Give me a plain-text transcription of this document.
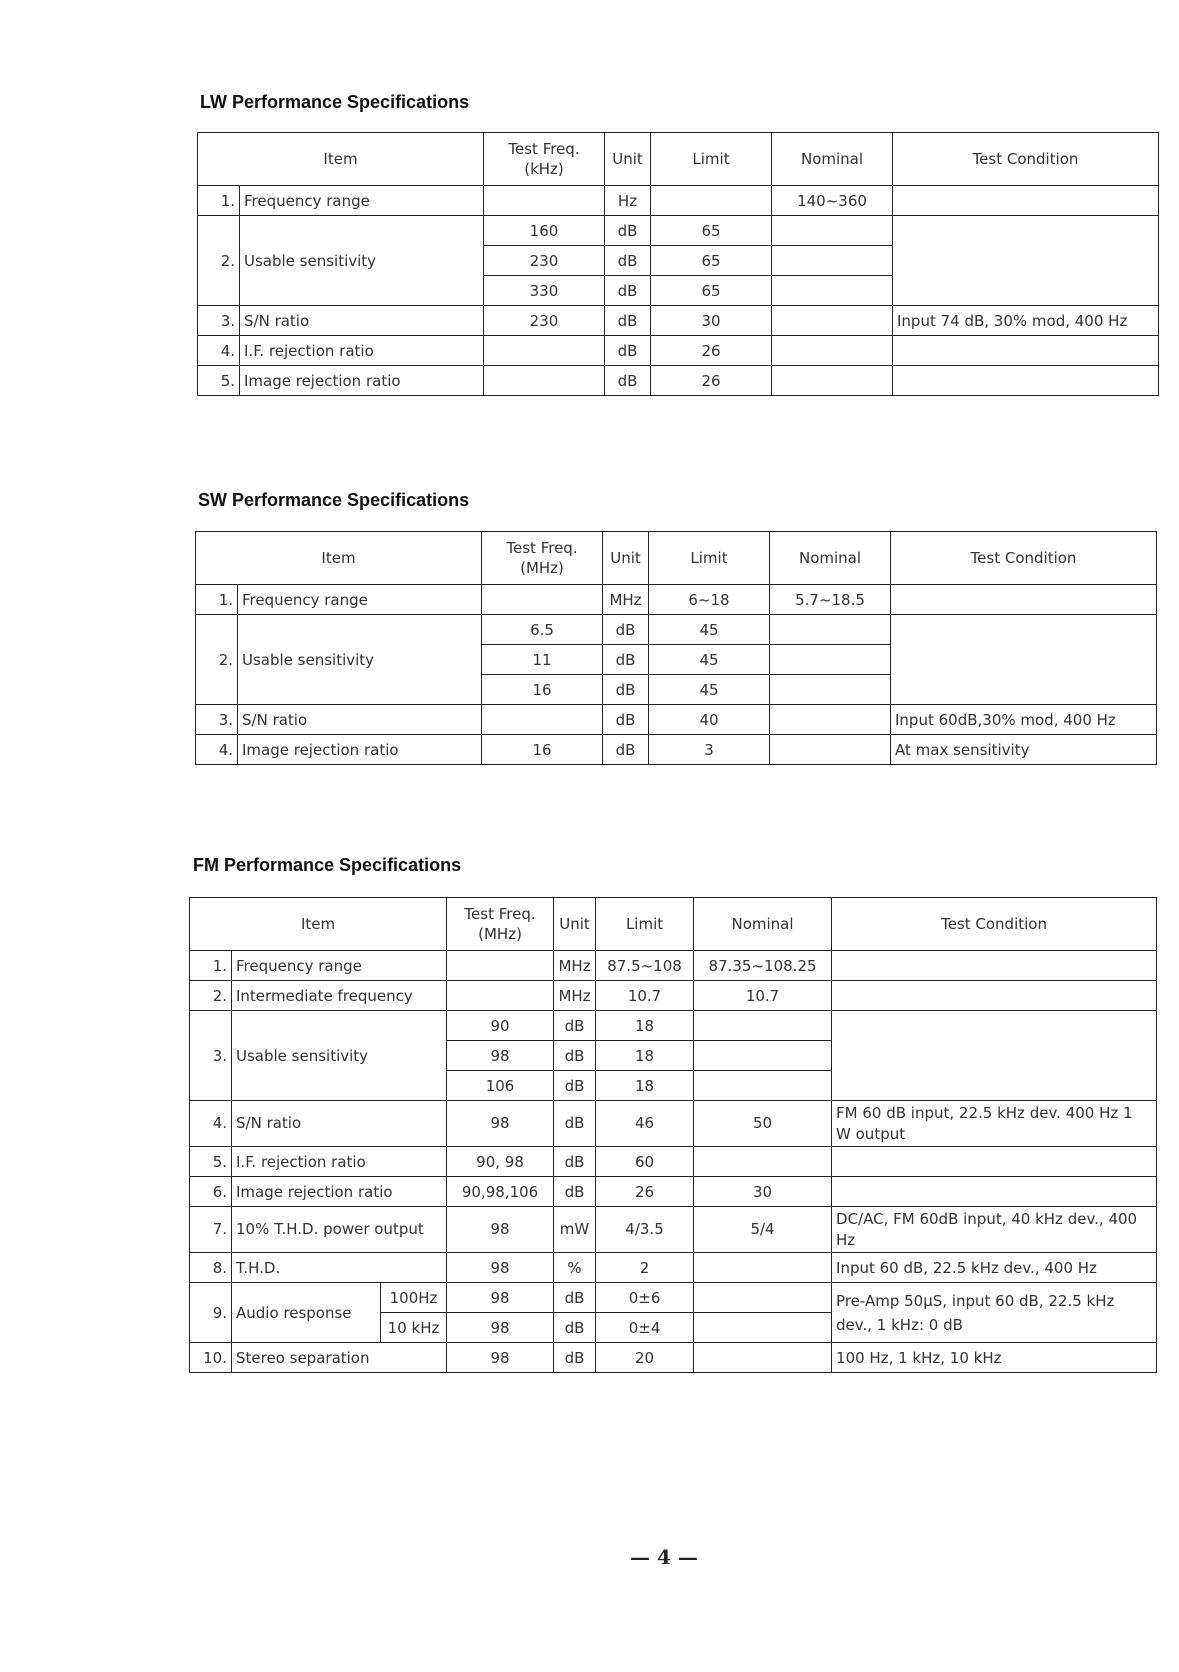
LW Performance Specifications
Item		Test Freq. (kHz)	Unit	Limit	Nominal	Test Condition
1.	Frequency range		Hz		140~360	
2.	Usable sensitivity	160	dB	65		
		230	dB	65		
		330	dB	65		
3.	S/N ratio	230	dB	30		Input 74 dB, 30% mod, 400 Hz
4.	I.F. rejection ratio		dB	26		
5.	Image rejection ratio		dB	26		
SW Performance Specifications
Item		Test Freq. (MHz)	Unit	Limit	Nominal	Test Condition
1.	Frequency range		MHz	6~18	5.7~18.5	
2.	Usable sensitivity	6.5	dB	45		
		11	dB	45		
		16	dB	45		
3.	S/N ratio		dB	40		Input 60dB,30% mod, 400 Hz
4.	Image rejection ratio	16	dB	3		At max sensitivity
FM Performance Specifications
Item			Test Freq. (MHz)	Unit	Limit	Nominal	Test Condition
1.	Frequency range			MHz	87.5~108	87.35~108.25	
2.	Intermediate frequency			MHz	10.7	10.7	
3.	Usable sensitivity		90	dB	18		
			98	dB	18		
			106	dB	18		
4.	S/N ratio		98	dB	46	50	FM 60 dB input, 22.5 kHz dev. 400 Hz 1 W output
5.	I.F. rejection ratio		90, 98	dB	60		
6.	Image rejection ratio		90,98,106	dB	26	30	
7.	10% T.H.D. power output		98	mW	4/3.5	5/4	DC/AC, FM 60dB input, 40 kHz dev., 400 Hz
8.	T.H.D.		98	%	2		Input 60 dB, 22.5 kHz dev., 400 Hz
9.	Audio response	100Hz	98	dB	0±6		Pre-Amp 50µS, input 60 dB, 22.5 kHz dev., 1 kHz: 0 dB
		10 kHz	98	dB	0±4		
10.	Stereo separation		98	dB	20		100 Hz, 1 kHz, 10 kHz
— 4 —
